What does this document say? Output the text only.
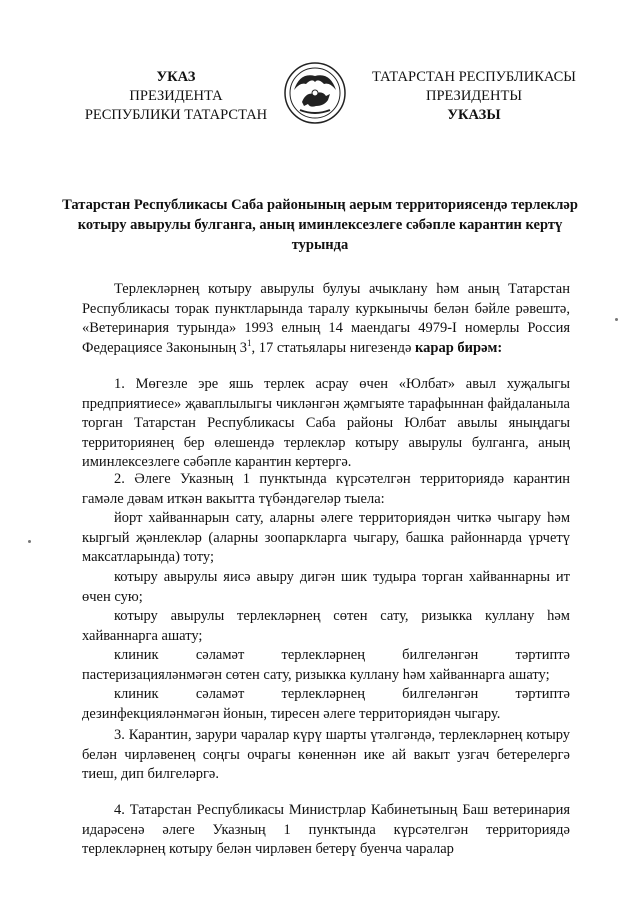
УКАЗ
ПРЕЗИДЕНТА
РЕСПУБЛИКИ ТАТАРСТАН
ТАТАРСТАН РЕСПУБЛИКАСЫ
ПРЕЗИДЕНТЫ
УКАЗЫ
Татарстан Республикасы Саба районының аерым территориясендә терлекләр котыру авырулы булганга, аның иминлексезлегe сәбәпле карантин кертү турында
Терлекләрнең котыру авырулы булуы ачыклану һәм аның Татарстан Республикасы торак пунктларында таралу куркынычы белән бәйле рәвештә, «Ветеринария турында» 1993 елның 14 маендагы 4979-I номерлы Россия Федерациясе Законының $3^1$, 17 статьялары нигезендә карар бирәм:
1. Мөгезле эре яшь терлек асрау өчен «Юлбат» авыл хуҗалыгы предприятиесе» җаваплылыгы чикләнгән җәмгыяте тарафыннан файдаланыла торган Татарстан Республикасы Саба районы Юлбат авылы яныңдагы территориянең бер өлешендә терлекләр котыру авырулы булганга, аның иминлексезлеге сәбәпле карантин кертергә.
2. Әлеге Указның 1 пунктында күрсәтелгән территориядә карантин гамәле дәвам иткән вакытта түбәндәгеләр тыела:
йорт хайваннарын сату, аларны әлеге территориядән читкә чыгару һәм кыргый җәнлекләр (аларны зоопаркларга чыгару, башка районнарда үрчетү максатларында) тоту;
котыру авырулы яисә авыру дигән шик тудыра торган хайваннарны ит өчен сую;
котыру авырулы терлекләрнең сөтен сату, ризыкка куллану һәм хайваннарга ашату;
клиник сәламәт терлекләрнең билгеләнгән тәртиптә пастеризацияләнмәгән сөтен сату, ризыкка куллану һәм хайваннарга ашату;
клиник сәламәт терлекләрнең билгеләнгән тәртиптә дезинфекцияләнмәгән йонын, тиресен әлеге территориядән чыгару.
3. Карантин, зарури чаралар күрү шарты үтәлгәндә, терлекләрнең котыру белән чирләвенең соңгы очрагы көненнән ике ай вакыт узгач бетерелергә тиеш, дип билгеләргә.
4. Татарстан Республикасы Министрлар Кабинетының Баш ветеринария идарәсенә әлеге Указның 1 пунктында күрсәтелгән территориядә терлекләрнең котыру белән чирләвен бетерү буенча чаралар
